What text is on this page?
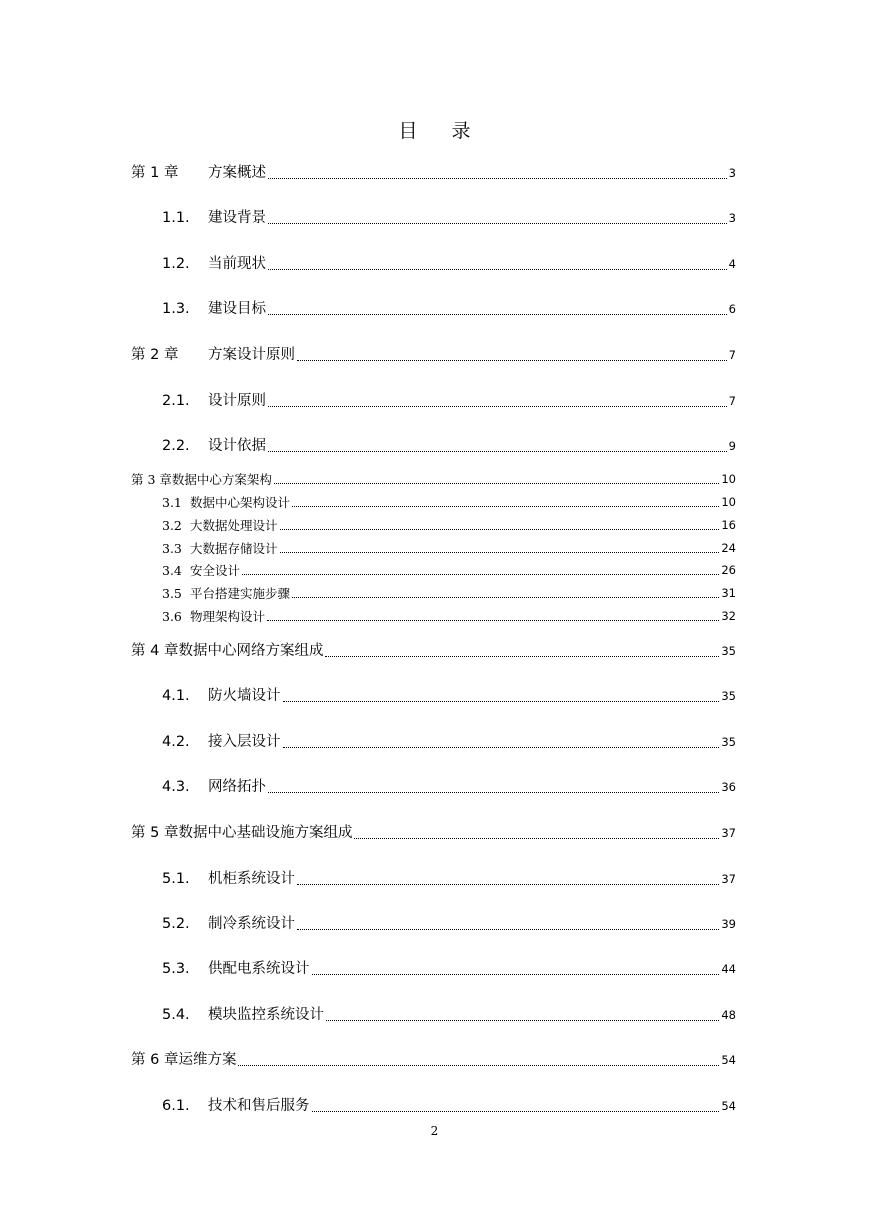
目 录
第 1 章	方案概述	3
1.1.	建设背景	3
1.2.	当前现状	4
1.3.	建设目标	6
第 2 章	方案设计原则	7
2.1.	设计原则	7
2.2.	设计依据	9
第 3 章数据中心方案架构	10
3.1 数据中心架构设计	10
3.2 大数据处理设计	16
3.3 大数据存储设计	24
3.4 安全设计	26
3.5 平台搭建实施步骤	31
3.6 物理架构设计	32
第 4 章数据中心网络方案组成	35
4.1.	防火墙设计	35
4.2.	接入层设计	35
4.3.	网络拓扑	36
第 5 章数据中心基础设施方案组成	37
5.1.	机柜系统设计	37
5.2.	制冷系统设计	39
5.3.	供配电系统设计	44
5.4.	模块监控系统设计	48
第 6 章运维方案	54
6.1.	技术和售后服务	54
2
